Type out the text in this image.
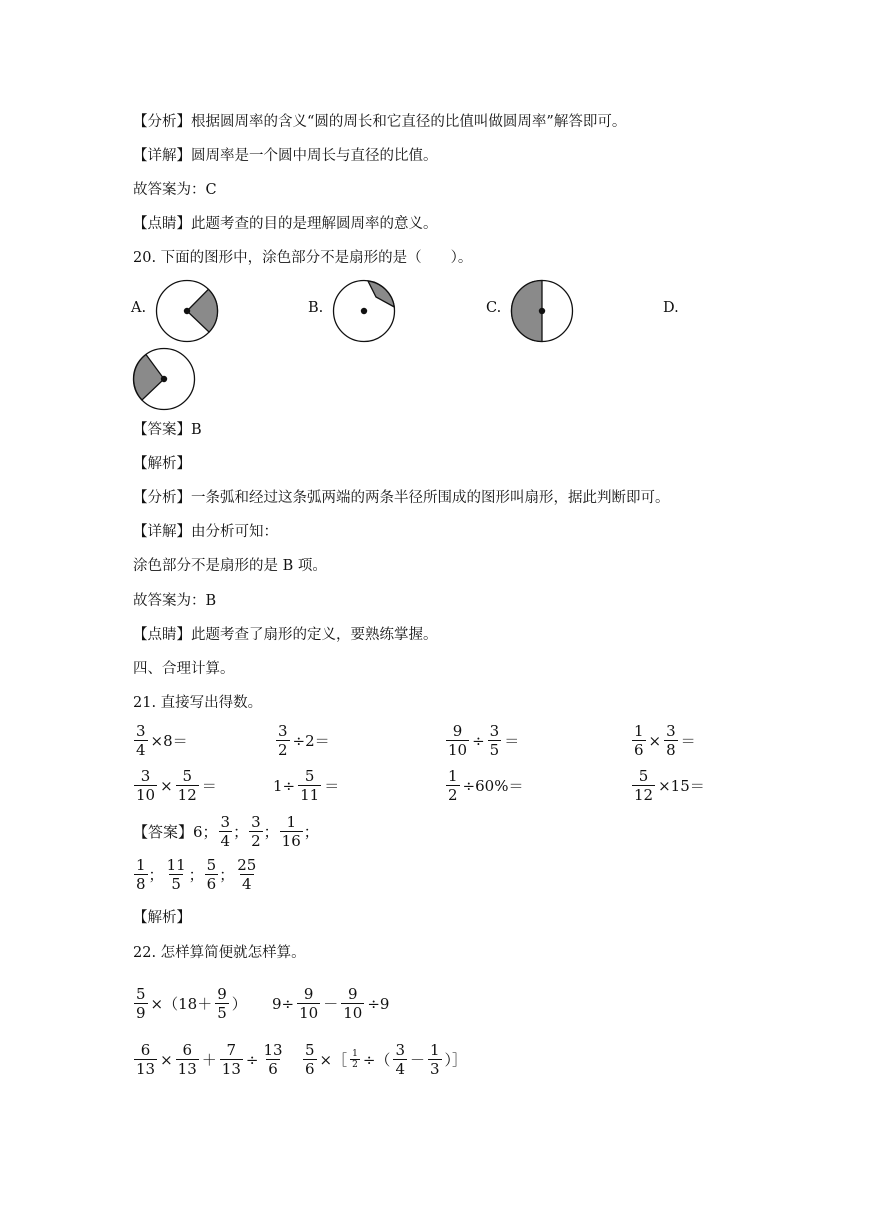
【分析】根据圆周率的含义“圆的周长和它直径的比值叫做圆周率”解答即可。
【详解】圆周率是一个圆中周长与直径的比值。
故答案为：C
【点睛】此题考查的目的是理解圆周率的意义。
20. 下面的图形中，涂色部分不是扇形的是（　　）。
A.	B.	C.	D.
【答案】B
【解析】
【分析】一条弧和经过这条弧两端的两条半径所围成的图形叫扇形，据此判断即可。
【详解】由分析可知：
涂色部分不是扇形的是 B 项。
故答案为：B
【点睛】此题考查了扇形的定义，要熟练掌握。
四、合理计算。
21. 直接写出得数。
$\frac{3}{4} \times 8=$	$\frac{3}{2} \div 2=$	$\frac{9}{10} \div \frac{3}{5}$ ＝	$\frac{1}{6} \times \frac{3}{8}$ ＝
$\frac{3}{10} \times \frac{5}{12}$ ＝	$1\div \frac{5}{11}$ ＝	$\frac{1}{2} \div 60\%=$	$\frac{5}{12} \times 15=$
【答案】6； $\frac{3}{4}$ ； $\frac{3}{2}$ ； $\frac{1}{16}$ ；
$\frac{1}{8}$ ； $\frac{11}{5}$ ； $\frac{5}{6}$ ； $\frac{25}{4}$
【解析】
22. 怎样算简便就怎样算。
$\frac{5}{9} \times(18+ \frac{9}{5}$ ） $9\div \frac{9}{10} - \frac{9}{10} \div 9$
$\frac{6}{13} \times \frac{6}{13} + \frac{7}{13} \div \frac{13}{6} \frac{5}{6}$ ×［ $\frac{1}{2}$ ÷（ $\frac{3}{4} - \frac{1}{3}$ ）］
